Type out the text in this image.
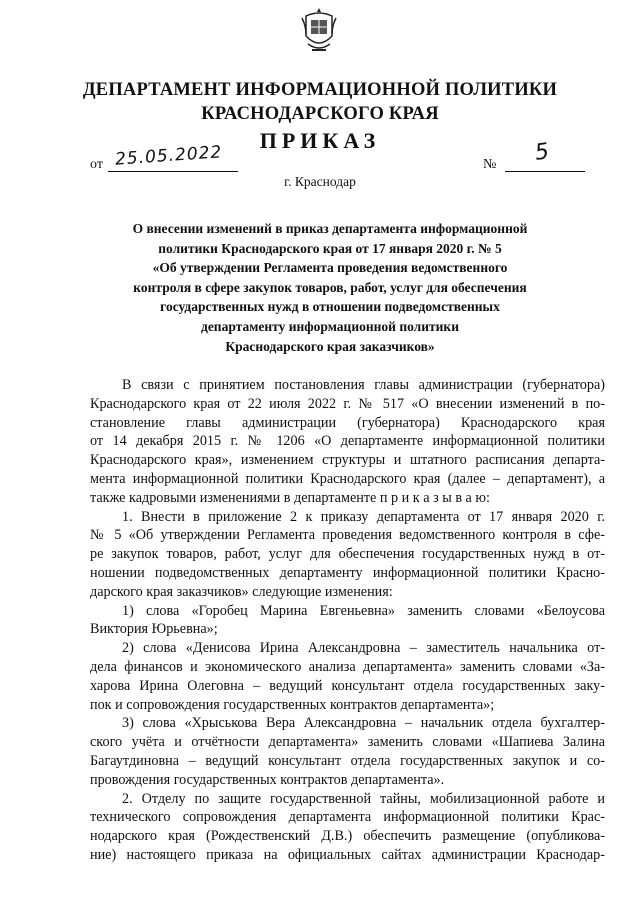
ДЕПАРТАМЕНТ ИНФОРМАЦИОННОЙ ПОЛИТИКИ
КРАСНОДАРСКОГО КРАЯ
ПРИКАЗ
от 25.05.2022	№ 5
г. Краснодар
О внесении изменений в приказ департамента информационной
политики Краснодарского края от 17 января 2020 г. № 5
«Об утверждении Регламента проведения ведомственного
контроля в сфере закупок товаров, работ, услуг для обеспечения
государственных нужд в отношении подведомственных
департаменту информационной политики
Краснодарского края заказчиков»
В связи с принятием постановления главы администрации (губернатора)
Краснодарского края от 22 июля 2022 г. № 517 «О внесении изменений в по-
становление главы администрации (губернатора) Краснодарского края
от 14 декабря 2015 г. № 1206 «О департаменте информационной политики
Краснодарского края», изменением структуры и штатного расписания департа-
мента информационной политики Краснодарского края (далее – департамент), а
также кадровыми изменениями в департаменте п р и к а з ы в а ю:
1. Внести в приложение 2 к приказу департамента от 17 января 2020 г.
№ 5 «Об утверждении Регламента проведения ведомственного контроля в сфе-
ре закупок товаров, работ, услуг для обеспечения государственных нужд в от-
ношении подведомственных департаменту информационной политики Красно-
дарского края заказчиков» следующие изменения:
1) слова «Горобец Марина Евгеньевна» заменить словами «Белоусова
Виктория Юрьевна»;
2) слова «Денисова Ирина Александровна – заместитель начальника от-
дела финансов и экономического анализа департамента» заменить словами «За-
харова Ирина Олеговна – ведущий консультант отдела государственных заку-
пок и сопровождения государственных контрактов департамента»;
3) слова «Хрыськова Вера Александровна – начальник отдела бухгалтер-
ского учёта и отчётности департамента» заменить словами «Шапиева Залина
Багаутдиновна – ведущий консультант отдела государственных закупок и со-
провождения государственных контрактов департамента».
2. Отделу по защите государственной тайны, мобилизационной работе и
технического сопровождения департамента информационной политики Крас-
нодарского края (Рождественский Д.В.) обеспечить размещение (опубликова-
ние) настоящего приказа на официальных сайтах администрации Краснодар-
